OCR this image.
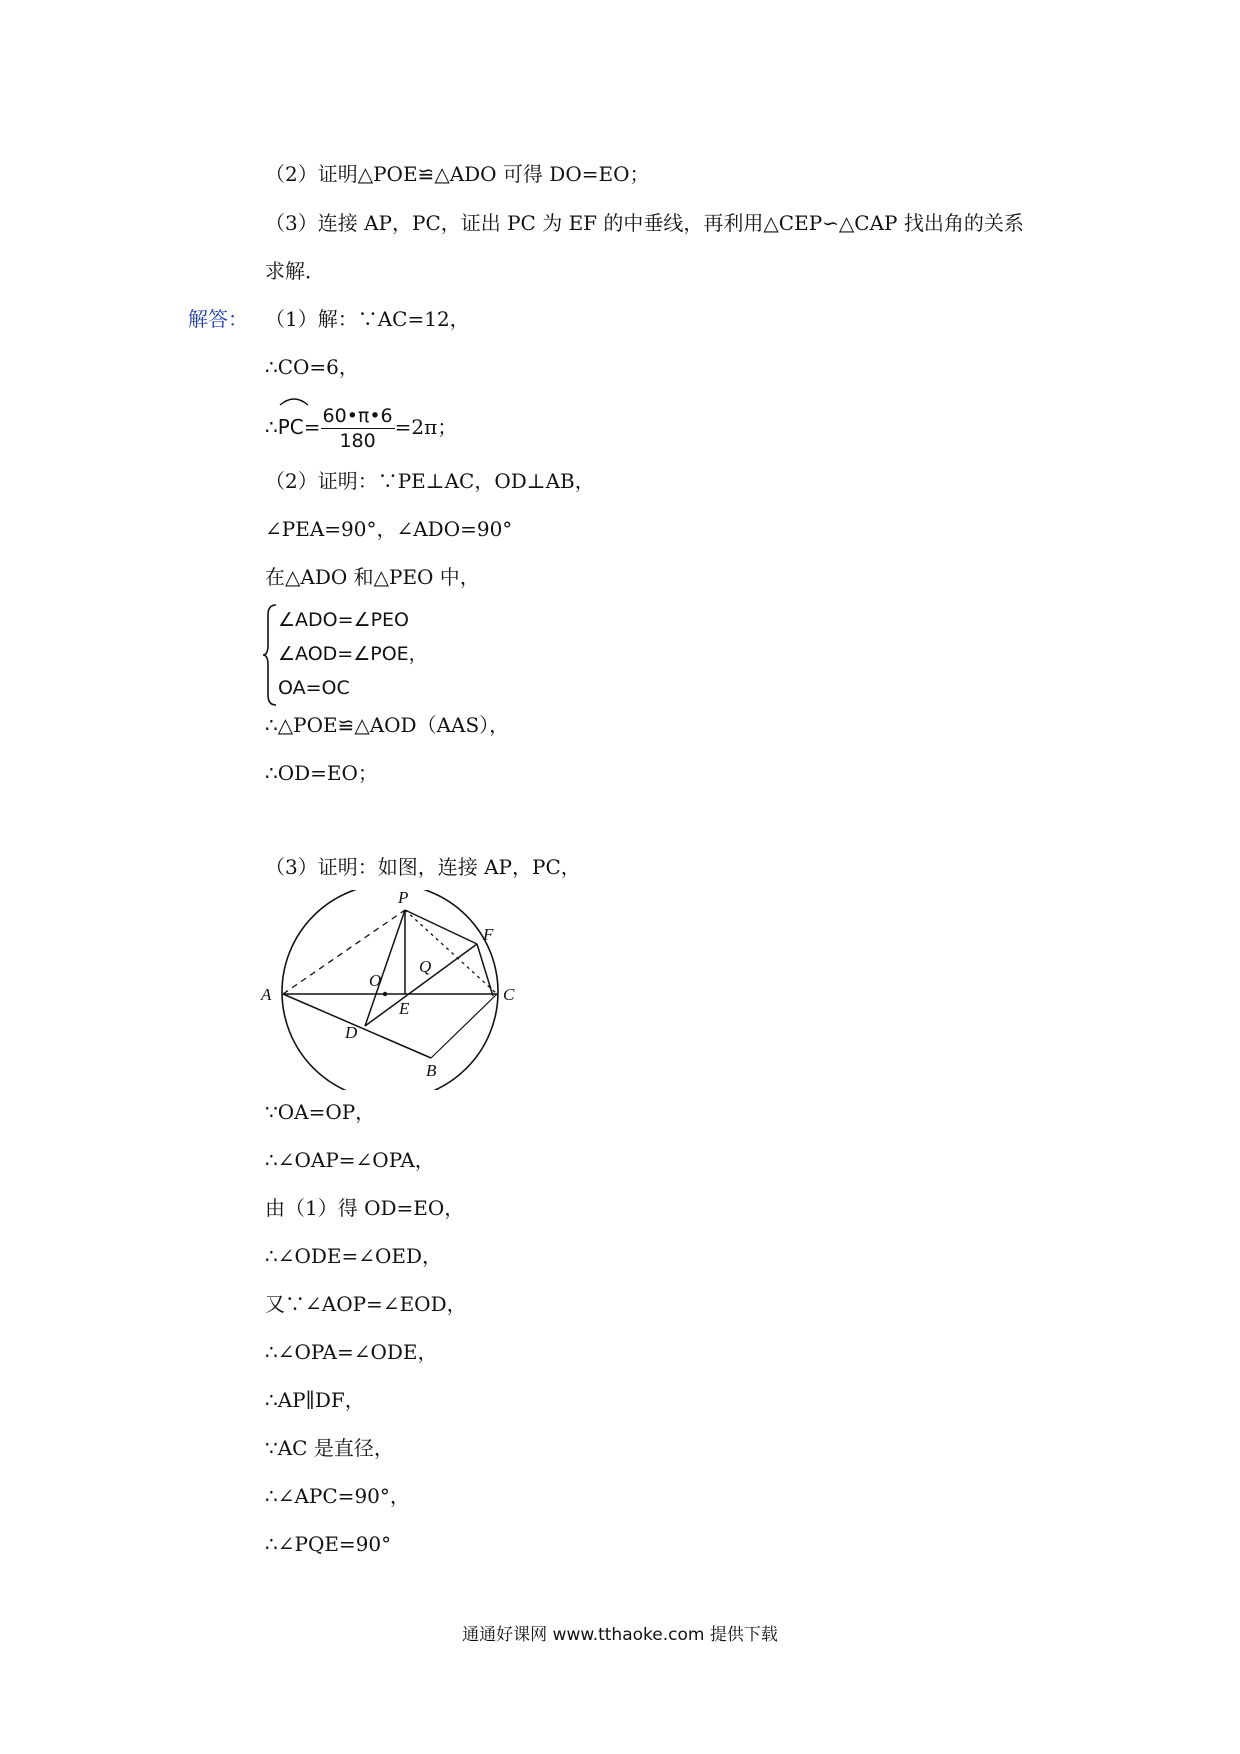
（2）证明△POE≌△ADO 可得 DO=EO；
（3）连接 AP，PC，证出 PC 为 EF 的中垂线，再利用△CEP∽△CAP 找出角的关系
求解．
解答： （1）解：∵AC=12，
∴CO=6，
∴
$PC= \frac{60•\pi•6}{180} =2\pi$；
（2）证明：∵PE⊥AC，OD⊥AB，
∠PEA=90°，∠ADO=90°
在△ADO 和△PEO 中，
∠ADO=∠PEO
∠AOD=∠POE，
OA=OC
∴△POE≌△AOD（AAS），
∴OD=EO；
（3）证明：如图，连接 AP，PC，
A
P
F
O
Q
E
C
D
B
∵OA=OP，
∴∠OAP=∠OPA，
由（1）得 OD=EO，
∴∠ODE=∠OED，
又∵∠AOP=∠EOD，
∴∠OPA=∠ODE，
∴AP∥DF，
∵AC 是直径，
∴∠APC=90°，
∴∠PQE=90°
通通好课网 www.tthaoke.com 提供下载
